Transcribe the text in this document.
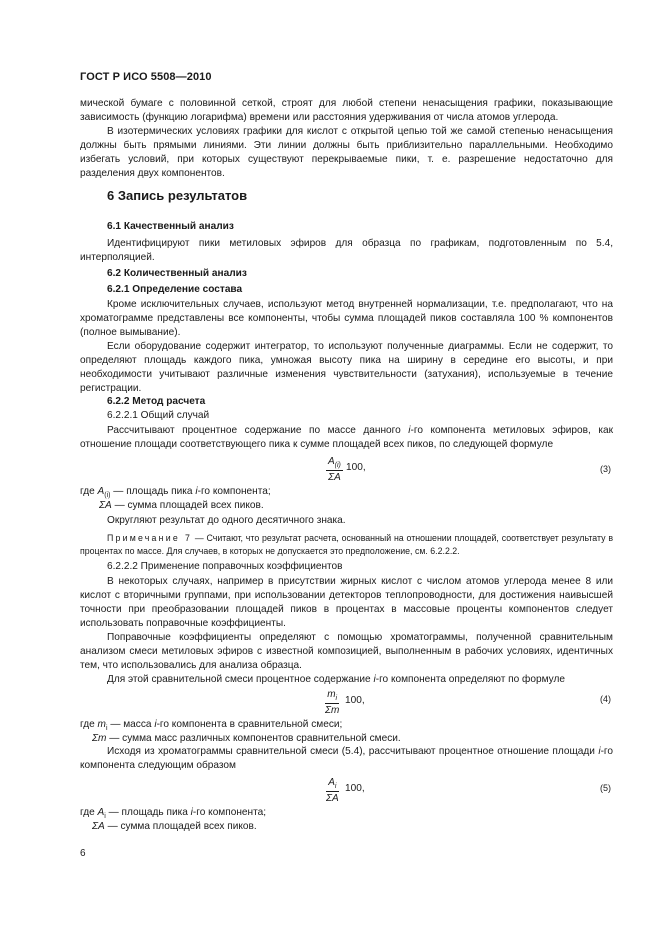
ГОСТ Р ИСО 5508—2010

мической бумаге с половинной сеткой, строят для любой степени ненасыщения графики, показывающие зависимость (функцию логарифма) времени или расстояния удерживания от числа атомов углерода.

В изотермических условиях графики для кислот с открытой цепью той же самой степенью ненасыщения должны быть прямыми линиями. Эти линии должны быть приблизительно параллельными. Необходимо избегать условий, при которых существуют перекрываемые пики, т. е. разрешение недостаточно для разделения двух компонентов.

6 Запись результатов
6.1 Качественный анализ

Идентифицируют пики метиловых эфиров для образца по графикам, подготовленным по 5.4, интерполяцией.

6.2 Количественный анализ
6.2.1 Определение состава

Кроме исключительных случаев, используют метод внутренней нормализации, т.е. предполагают, что на хроматограмме представлены все компоненты, чтобы сумма площадей пиков составляла 100 % компонентов (полное вымывание).

Если оборудование содержит интегратор, то используют полученные диаграммы. Если не содержит, то определяют площадь каждого пика, умножая высоту пика на ширину в середине его высоты, и при необходимости учитывают различные изменения чувствительности (затухания), используемые в течение регистрации.

6.2.2 Метод расчета
6.2.2.1 Общий случай

Рассчитывают процентное содержание по массе данного i-го компонента метиловых эфиров, как отношение площади соответствующего пика к сумме площадей всех пиков, по следующей формуле

$\frac{A_{(i)}}{\Sigma A} 100$,	(3)
где $A_{(i)}$ — площадь пика i-го компонента;
ΣA — сумма площадей всех пиков.
Округляют результат до одного десятичного знака.

Примечание 7 — Считают, что результат расчета, основанный на отношении площадей, соответствует результату в процентах по массе. Для случаев, в которых не допускается это предположение, см. 6.2.2.2.

6.2.2.2 Применение поправочных коэффициентов

В некоторых случаях, например в присутствии жирных кислот с числом атомов углерода менее 8 или кислот с вторичными группами, при использовании детекторов теплопроводности, для достижения наивысшей точности при преобразовании площадей пиков в процентах в массовые проценты компонентов следует использовать поправочные коэффициенты.

Поправочные коэффициенты определяют с помощью хроматограммы, полученной сравнительным анализом смеси метиловых эфиров с известной композицией, выполненным в рабочих условиях, идентичных тем, что использовались для анализа образца.

Для этой сравнительной смеси процентное содержание i-го компонента определяют по формуле

$\frac{m_i}{\Sigma m} 100$,	(4)
где $m_i$ — масса i-го компонента в сравнительной смеси;
Σm — сумма масс различных компонентов сравнительной смеси.

Исходя из хроматограммы сравнительной смеси (5.4), рассчитывают процентное отношение площади i-го компонента следующим образом

$\frac{A_i}{\Sigma A} 100$,	(5)
где $A_i$ — площадь пика i-го компонента;
ΣA — сумма площадей всех пиков.
6
